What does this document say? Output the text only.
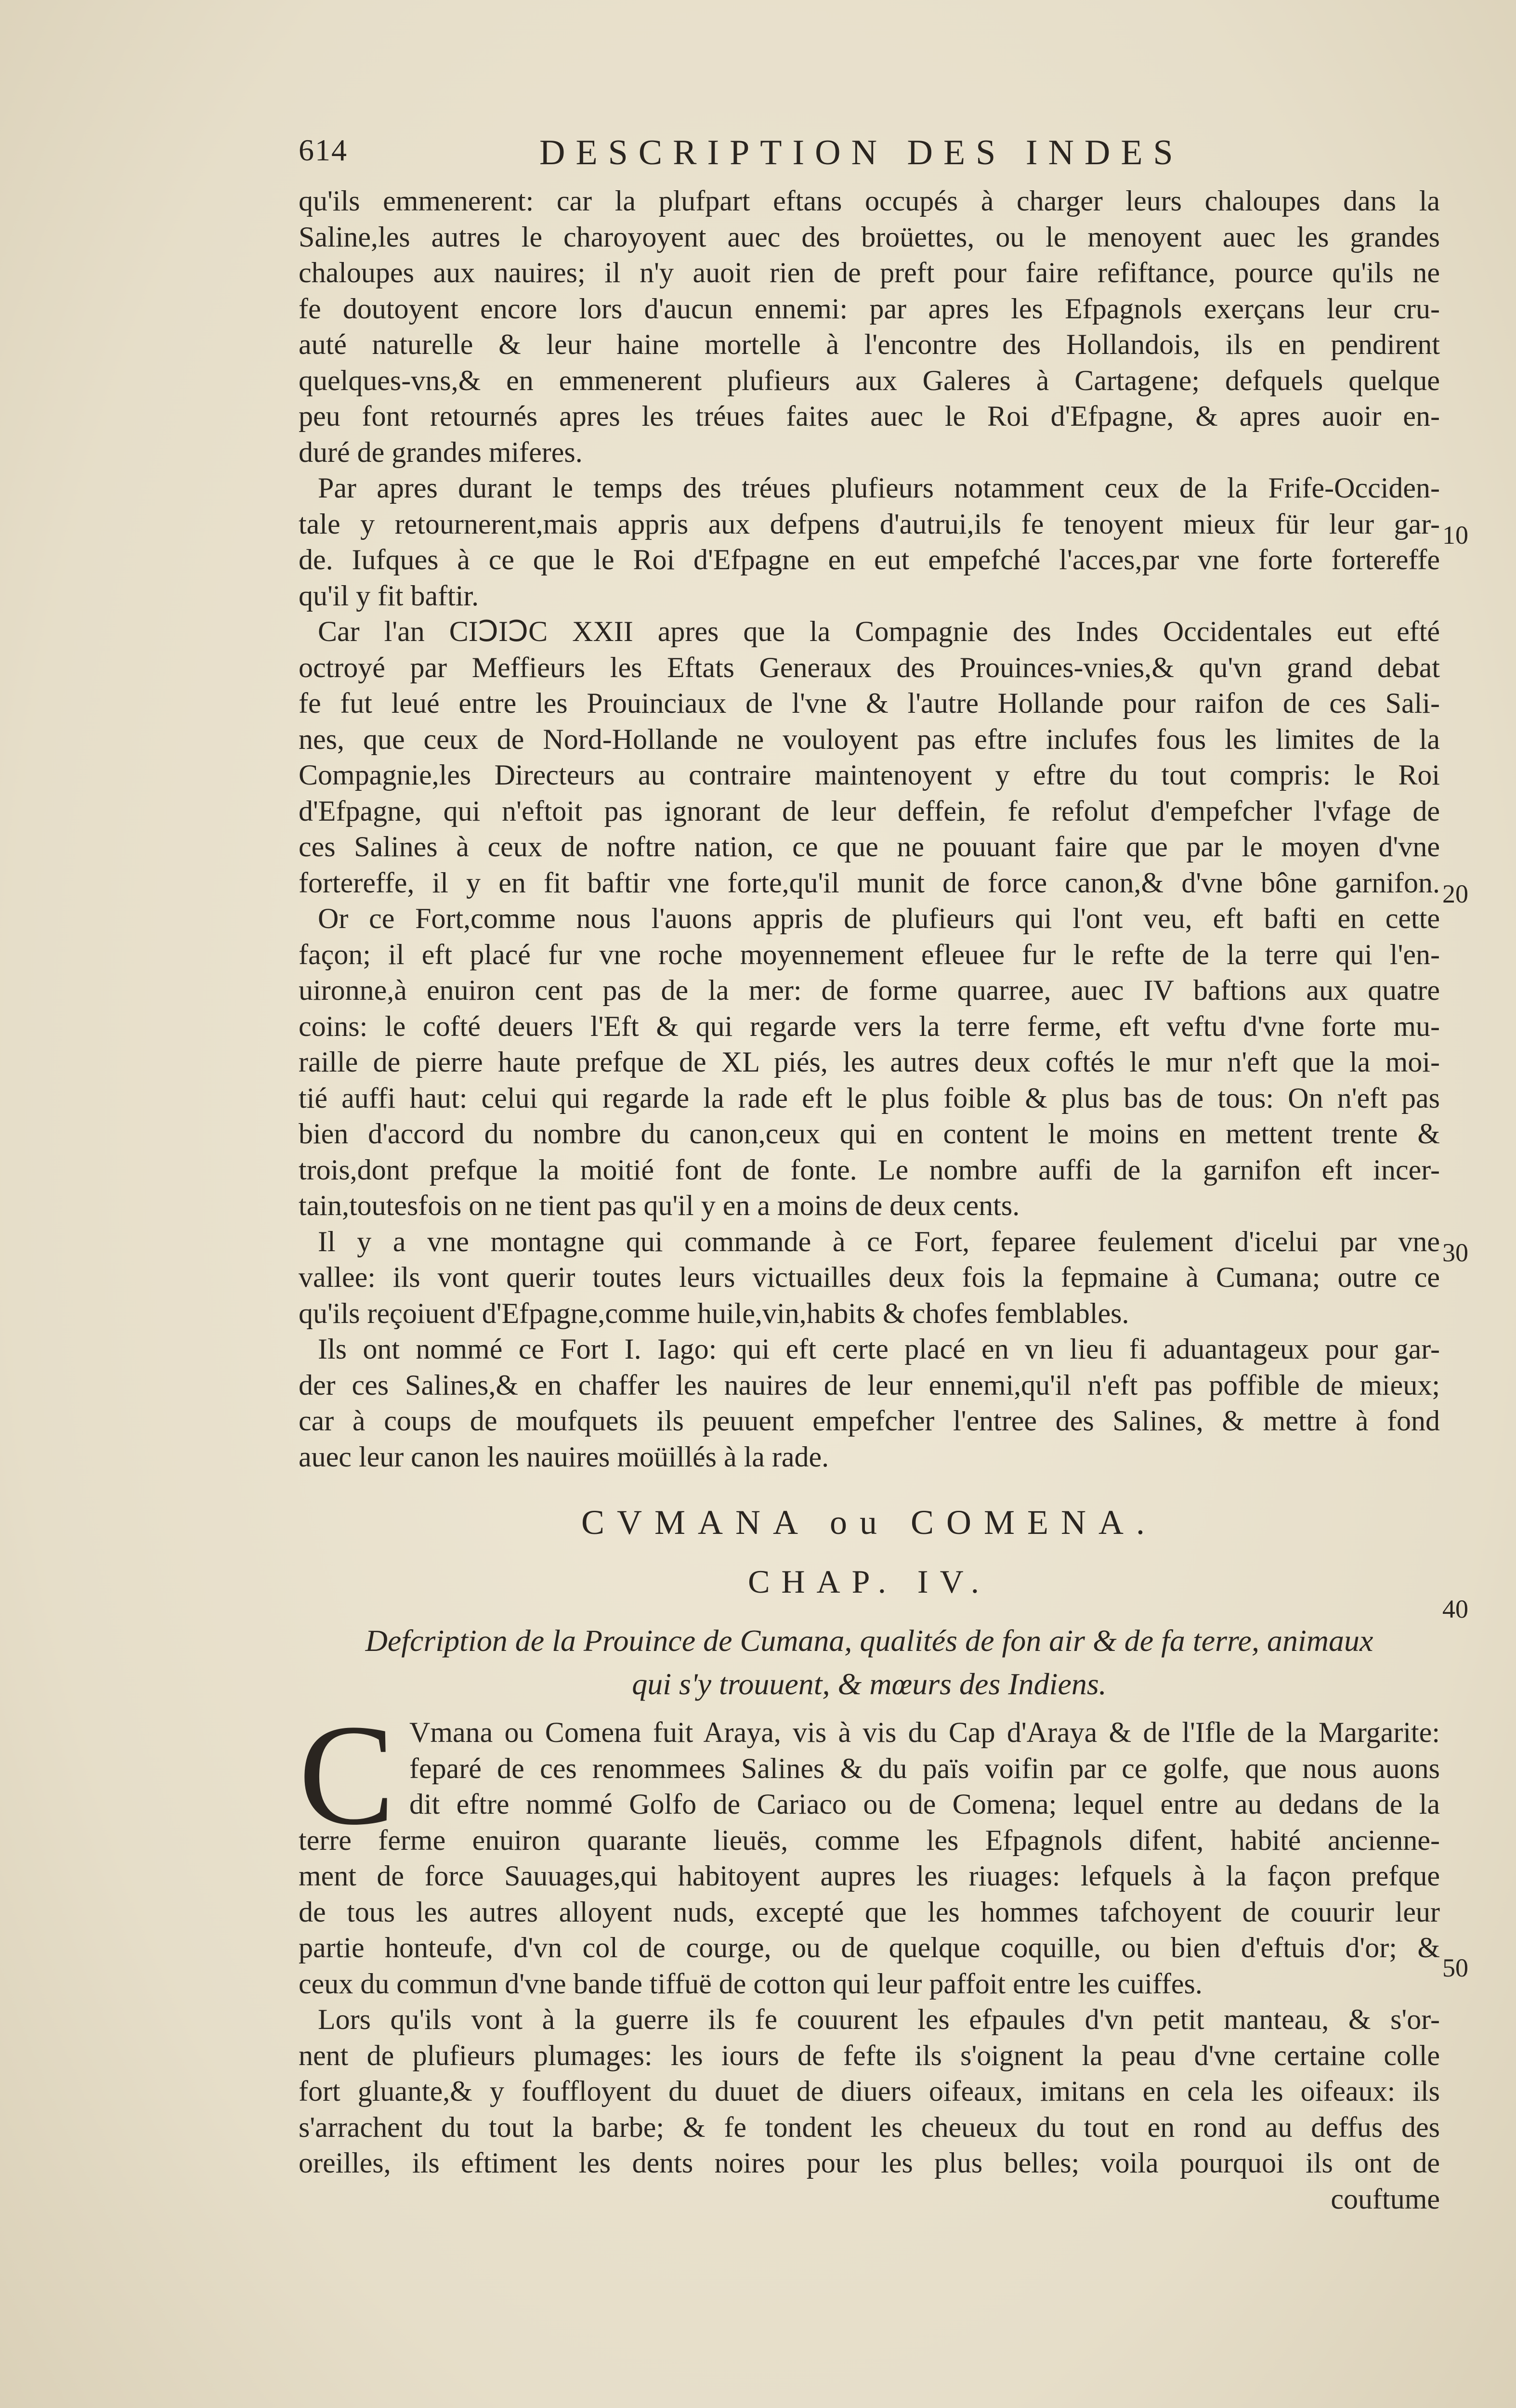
614	DESCRIPTION DES INDES
qu'ils emmenerent: car la plufpart eftans occupés à charger leurs chaloupes dans la
Saline,les autres le charoyoyent auec des broüettes, ou le menoyent auec les grandes
chaloupes aux nauires; il n'y auoit rien de preft pour faire refiftance, pource qu'ils ne
fe doutoyent encore lors d'aucun ennemi: par apres les Efpagnols exerçans leur cru-
auté naturelle & leur haine mortelle à l'encontre des Hollandois, ils en pendirent
quelques-vns,& en emmenerent plufieurs aux Galeres à Cartagene; defquels quelque
peu font retournés apres les tréues faites auec le Roi d'Efpagne, & apres auoir en-
duré de grandes miferes.
Par apres durant le temps des tréues plufieurs notamment ceux de la Frife-Occiden-
tale y retournerent,mais appris aux defpens d'autrui,ils fe tenoyent mieux für leur gar-
de. Iufques à ce que le Roi d'Efpagne en eut empefché l'acces,par vne forte fortereffe
qu'il y fit baftir.
Car l'an CIↃIↃC XXII apres que la Compagnie des Indes Occidentales eut efté
octroyé par Meffieurs les Eftats Generaux des Prouinces-vnies,& qu'vn grand debat
fe fut leué entre les Prouinciaux de l'vne & l'autre Hollande pour raifon de ces Sali-
nes, que ceux de Nord-Hollande ne vouloyent pas eftre inclufes fous les limites de la
Compagnie,les Directeurs au contraire maintenoyent y eftre du tout compris: le Roi
d'Efpagne, qui n'eftoit pas ignorant de leur deffein, fe refolut d'empefcher l'vfage de
ces Salines à ceux de noftre nation, ce que ne pouuant faire que par le moyen d'vne
fortereffe, il y en fit baftir vne forte,qu'il munit de force canon,& d'vne bône garnifon.
Or ce Fort,comme nous l'auons appris de plufieurs qui l'ont veu, eft bafti en cette
façon; il eft placé fur vne roche moyennement efleuee fur le refte de la terre qui l'en-
uironne,à enuiron cent pas de la mer: de forme quarree, auec IV baftions aux quatre
coins: le cofté deuers l'Eft & qui regarde vers la terre ferme, eft veftu d'vne forte mu-
raille de pierre haute prefque de XL piés, les autres deux coftés le mur n'eft que la moi-
tié auffi haut: celui qui regarde la rade eft le plus foible & plus bas de tous: On n'eft pas
bien d'accord du nombre du canon,ceux qui en content le moins en mettent trente &
trois,dont prefque la moitié font de fonte. Le nombre auffi de la garnifon eft incer-
tain,toutesfois on ne tient pas qu'il y en a moins de deux cents.
Il y a vne montagne qui commande à ce Fort, feparee feulement d'icelui par vne
vallee: ils vont querir toutes leurs victuailles deux fois la fepmaine à Cumana; outre ce
qu'ils reçoiuent d'Efpagne,comme huile,vin,habits & chofes femblables.
Ils ont nommé ce Fort I. Iago: qui eft certe placé en vn lieu fi aduantageux pour gar-
der ces Salines,& en chaffer les nauires de leur ennemi,qu'il n'eft pas poffible de mieux;
car à coups de moufquets ils peuuent empefcher l'entree des Salines, & mettre à fond
auec leur canon les nauires moüillés à la rade.
10
20
30
40
50
CVMANA ou COMENA.
CHAP. IV.
Defcription de la Prouince de Cumana, qualités de fon air & de fa terre, animaux
qui s'y trouuent, & mœurs des Indiens.
C Vmana ou Comena fuit Araya, vis à vis du Cap d'Araya & de l'Ifle de la Margarite:
feparé de ces renommees Salines & du païs voifin par ce golfe, que nous auons
dit eftre nommé Golfo de Cariaco ou de Comena; lequel entre au dedans de la
terre ferme enuiron quarante lieuës, comme les Efpagnols difent, habité ancienne-
ment de force Sauuages,qui habitoyent aupres les riuages: lefquels à la façon prefque
de tous les autres alloyent nuds, excepté que les hommes tafchoyent de couurir leur
partie honteufe, d'vn col de courge, ou de quelque coquille, ou bien d'eftuis d'or; &
ceux du commun d'vne bande tiffuë de cotton qui leur paffoit entre les cuiffes.
Lors qu'ils vont à la guerre ils fe couurent les efpaules d'vn petit manteau, & s'or-
nent de plufieurs plumages: les iours de fefte ils s'oignent la peau d'vne certaine colle
fort gluante,& y fouffloyent du duuet de diuers oifeaux, imitans en cela les oifeaux: ils
s'arrachent du tout la barbe; & fe tondent les cheueux du tout en rond au deffus des
oreilles, ils eftiment les dents noires pour les plus belles; voila pourquoi ils ont de
couftume
